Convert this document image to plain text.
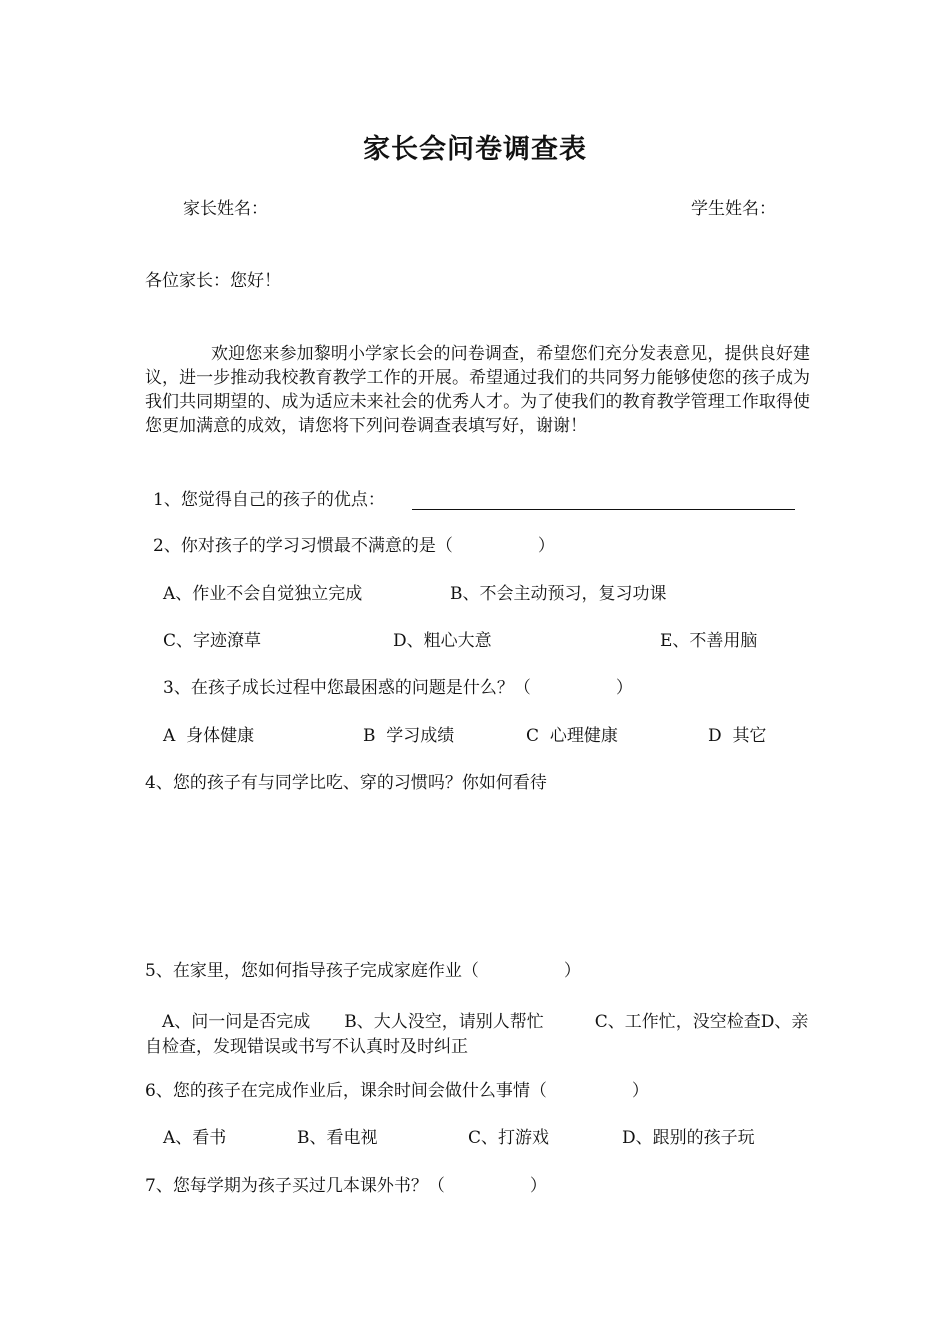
家长会问卷调查表
家长姓名：	学生姓名：
各位家长：您好！
欢迎您来参加黎明小学家长会的问卷调查，希望您们充分发表意见，提供良好建议，进一步推动我校教育教学工作的开展。希望通过我们的共同努力能够使您的孩子成为我们共同期望的、成为适应未来社会的优秀人才。为了使我们的教育教学管理工作取得使您更加满意的成效，请您将下列问卷调查表填写好，谢谢！
1、您觉得自己的孩子的优点：
2、你对孩子的学习习惯最不满意的是（　　　　　）
A、作业不会自觉独立完成	B、不会主动预习，复习功课
C、字迹潦草	D、粗心大意	E、不善用脑
3、在孩子成长过程中您最困惑的问题是什么？（　　　　　）
A  身体健康	B  学习成绩	C  心理健康	D  其它
4、您的孩子有与同学比吃、穿的习惯吗？你如何看待
5、在家里，您如何指导孩子完成家庭作业（　　　　　）
　A、问一问是否完成　　B、大人没空，请别人帮忙　　　C、工作忙，没空检查D、亲自检查，发现错误或书写不认真时及时纠正
6、您的孩子在完成作业后，课余时间会做什么事情（　　　　　）
A、看书	B、看电视	C、打游戏	D、跟别的孩子玩
7、您每学期为孩子买过几本课外书？（　　　　　）
